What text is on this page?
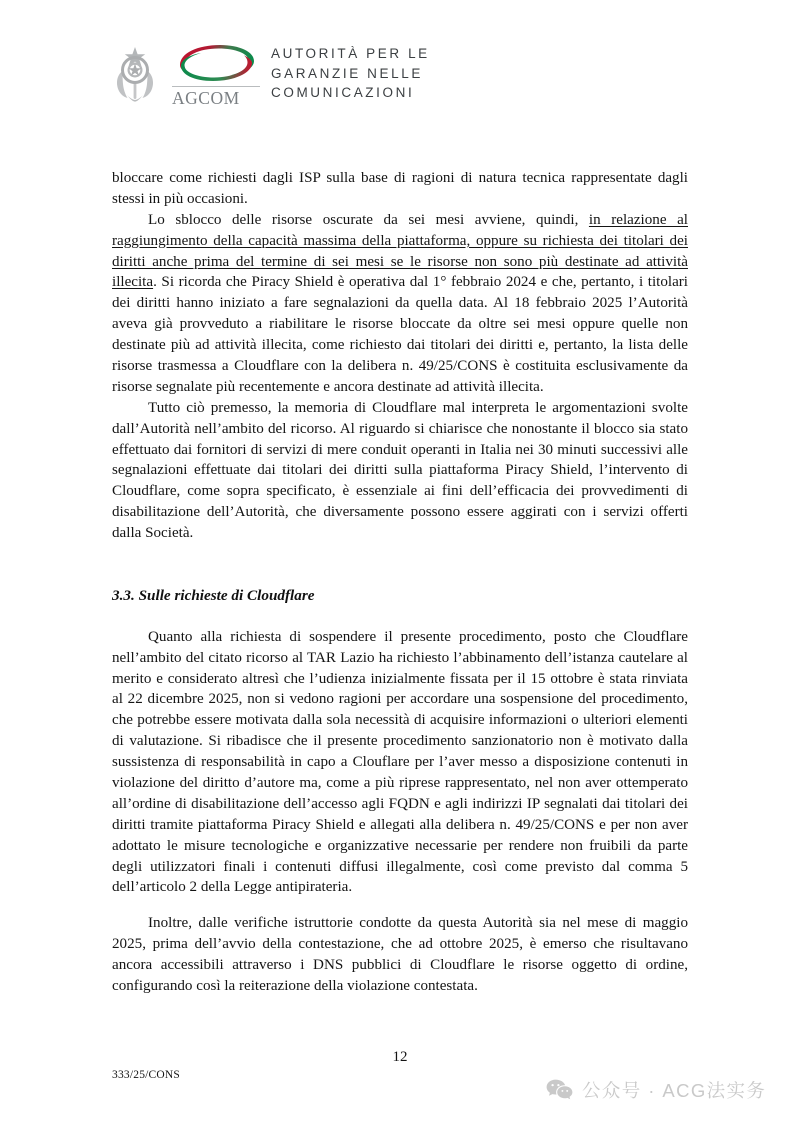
AGCOM
AUTORITÀ PER LE
GARANZIE NELLE
COMUNICAZIONI

bloccare come richiesti dagli ISP sulla base di ragioni di natura tecnica rappresentate dagli stessi in più occasioni.

Lo sblocco delle risorse oscurate da sei mesi avviene, quindi, in relazione al raggiungimento della capacità massima della piattaforma, oppure su richiesta dei titolari dei diritti anche prima del termine di sei mesi se le risorse non sono più destinate ad attività illecita. Si ricorda che Piracy Shield è operativa dal 1° febbraio 2024 e che, pertanto, i titolari dei diritti hanno iniziato a fare segnalazioni da quella data. Al 18 febbraio 2025 l’Autorità aveva già provveduto a riabilitare le risorse bloccate da oltre sei mesi oppure quelle non destinate più ad attività illecita, come richiesto dai titolari dei diritti e, pertanto, la lista delle risorse trasmessa a Cloudflare con la delibera n. 49/25/CONS è costituita esclusivamente da risorse segnalate più recentemente e ancora destinate ad attività illecita.

Tutto ciò premesso, la memoria di Cloudflare mal interpreta le argomentazioni svolte dall’Autorità nell’ambito del ricorso. Al riguardo si chiarisce che nonostante il blocco sia stato effettuato dai fornitori di servizi di mere conduit operanti in Italia nei 30 minuti successivi alle segnalazioni effettuate dai titolari dei diritti sulla piattaforma Piracy Shield, l’intervento di Cloudflare, come sopra specificato, è essenziale ai fini dell’efficacia dei provvedimenti di disabilitazione dell’Autorità, che diversamente possono essere aggirati con i servizi offerti dalla Società.

3.3. Sulle richieste di Cloudflare

Quanto alla richiesta di sospendere il presente procedimento, posto che Cloudflare nell’ambito del citato ricorso al TAR Lazio ha richiesto l’abbinamento dell’istanza cautelare al merito e considerato altresì che l’udienza inizialmente fissata per il 15 ottobre è stata rinviata al 22 dicembre 2025, non si vedono ragioni per accordare una sospensione del procedimento, che potrebbe essere motivata dalla sola necessità di acquisire informazioni o ulteriori elementi di valutazione. Si ribadisce che il presente procedimento sanzionatorio non è motivato dalla sussistenza di responsabilità in capo a Clouflare per l’aver messo a disposizione contenuti in violazione del diritto d’autore ma, come a più riprese rappresentato, nel non aver ottemperato all’ordine di disabilitazione dell’accesso agli FQDN e agli indirizzi IP segnalati dai titolari dei diritti tramite piattaforma Piracy Shield e allegati alla delibera n. 49/25/CONS e per non aver adottato le misure tecnologiche e organizzative necessarie per rendere non fruibili da parte degli utilizzatori finali i contenuti diffusi illegalmente, così come previsto dal comma 5 dell’articolo 2 della Legge antipirateria.

Inoltre, dalle verifiche istruttorie condotte da questa Autorità sia nel mese di maggio 2025, prima dell’avvio della contestazione, che ad ottobre 2025, è emerso che risultavano ancora accessibili attraverso i DNS pubblici di Cloudflare le risorse oggetto di ordine, configurando così la reiterazione della violazione contestata.

12
333/25/CONS
公众号 · ACG法实务
